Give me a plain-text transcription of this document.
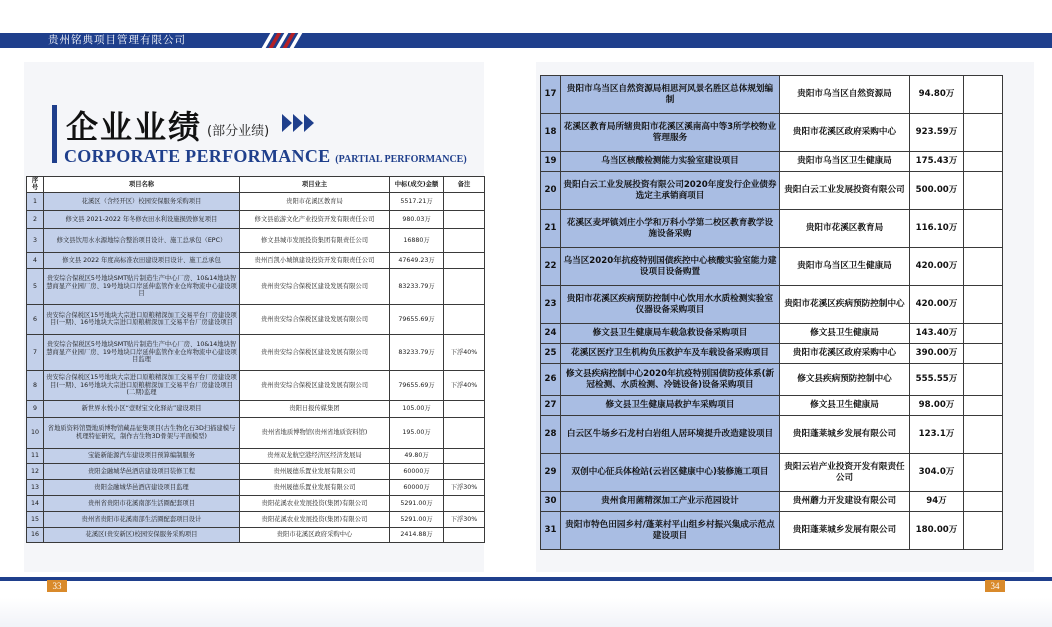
贵州铭典项目管理有限公司
企业业绩 (部分业绩)
CORPORATE PERFORMANCE (PARTIAL PERFORMANCE)
序号	项目名称	项目业主	中标(成交)金额	备注
1	花溪区（含经开区）校园安保服务采购项目	贵阳市花溪区教育局	5517.21万	
2	修文县 2021-2022 年冬修农田水利设施损毁修复项目	修文县旅游文化产业投资开发有限责任公司	980.03万	
3	修文县饮用水水源地综合整治项目设计、施工总承包（EPC）	修文县城市发展投资集团有限责任公司	16880万	
4	修文县 2022 年度高标准农田建设项目设计、施工总承包	贵州百凯小城镇建设投资开发有限责任公司	47649.23万	
5	贵安综合保税区5号地块SMT贴片制造生产中心厂房、10&14地块智慧商显产业园厂房、19号地块口岸延伸监管作业仓库物流中心建设项目	贵州贵安综合保税区建设发展有限公司	83233.79万	
6	贵安综合保税区15号地块大宗进口原粮精深加工交易平台厂房建设项目(一期)、16号地块大宗进口原粮精深加工交易平台厂房建设项目	贵州贵安综合保税区建设发展有限公司	79655.69万	
7	贵安综合保税区5号地块SMT贴片制造生产中心厂房、10&14地块智慧商显产业园厂房、19号地块口岸延伸监管作业仓库物流中心建设项目监理	贵州贵安综合保税区建设发展有限公司	83233.79万	下浮40%
8	贵安综合保税区15号地块大宗进口原粮精深加工交易平台厂房建设项目(一期)、16号地块大宗进口原粮精深加工交易平台厂房建设项目(二期)监理	贵州贵安综合保税区建设发展有限公司	79655.69万	下浮40%
9	新世界水悦小区“壹财宝文化驿站”建设项目	贵阳日报传媒集团	105.00万	
10	省地质资料馆暨地质博物馆藏品征集项目(古生物化石3D扫描建模与机理特征研究，制作古生物3D骨架与平面模型)	贵州省地质博物馆(贵州省地质资料馆)	195.00万	
11	宝能新能源汽车建设项目预算编制服务	贵州双龙航空港经济区经济发展局	49.80万	
12	贵阳金融城华邑酒店建设项目装修工程	贵州晟德乐置业发展有限公司	60000万	
13	贵阳金融城华邑酒店建设项目监理	贵州晟德乐置业发展有限公司	60000万	下浮30%
14	贵州省贵阳市花溪南部生活圈配套项目	贵阳花溪农业发展投资(集团)有限公司	5291.00万	
15	贵州省贵阳市花溪南部生活圈配套项目设计	贵阳花溪农业发展投资(集团)有限公司	5291.00万	下浮30%
16	花溪区(贵安新区)校园安保服务采购项目	贵阳市花溪区政府采购中心	2414.88万	
17	贵阳市乌当区自然资源局相思河风景名胜区总体规划编制	贵阳市乌当区自然资源局	94.80万	
18	花溪区教育局所辖贵阳市花溪区溪南高中等3所学校物业管理服务	贵阳市花溪区政府采购中心	923.59万	
19	乌当区核酸检测能力实验室建设项目	贵阳市乌当区卫生健康局	175.43万	
20	贵阳白云工业发展投资有限公司2020年度发行企业债券选定主承销商项目	贵阳白云工业发展投资有限公司	500.00万	
21	花溪区麦坪镇刘庄小学和万科小学第二校区教育教学设施设备采购	贵阳市花溪区教育局	116.10万	
22	乌当区2020年抗疫特别国债疾控中心核酸实验室能力建设项目设备购置	贵阳市乌当区卫生健康局	420.00万	
23	贵阳市花溪区疾病预防控制中心饮用水水质检测实验室仪器设备采购项目	贵阳市花溪区疾病预防控制中心	420.00万	
24	修文县卫生健康局车载急救设备采购项目	修文县卫生健康局	143.40万	
25	花溪区医疗卫生机构负压救护车及车载设备采购项目	贵阳市花溪区政府采购中心	390.00万	
26	修文县疾病控制中心2020年抗疫特别国债防疫体系(新冠检测、水质检测、冷链设备)设备采购项目	修文县疾病预防控制中心	555.55万	
27	修文县卫生健康局救护车采购项目	修文县卫生健康局	98.00万	
28	白云区牛场乡石龙村白岩组人居环境提升改造建设项目	贵阳蓬莱城乡发展有限公司	123.1万	
29	双创中心征兵体检站(云岩区健康中心)装修施工项目	贵阳云岩产业投资开发有限责任公司	304.0万	
30	贵州食用菌精深加工产业示范园设计	贵州蘑力开发建设有限公司	94万	
31	贵阳市特色田园乡村/蓬莱村平山组乡村振兴集成示范点建设项目	贵阳蓬莱城乡发展有限公司	180.00万	
33	34
